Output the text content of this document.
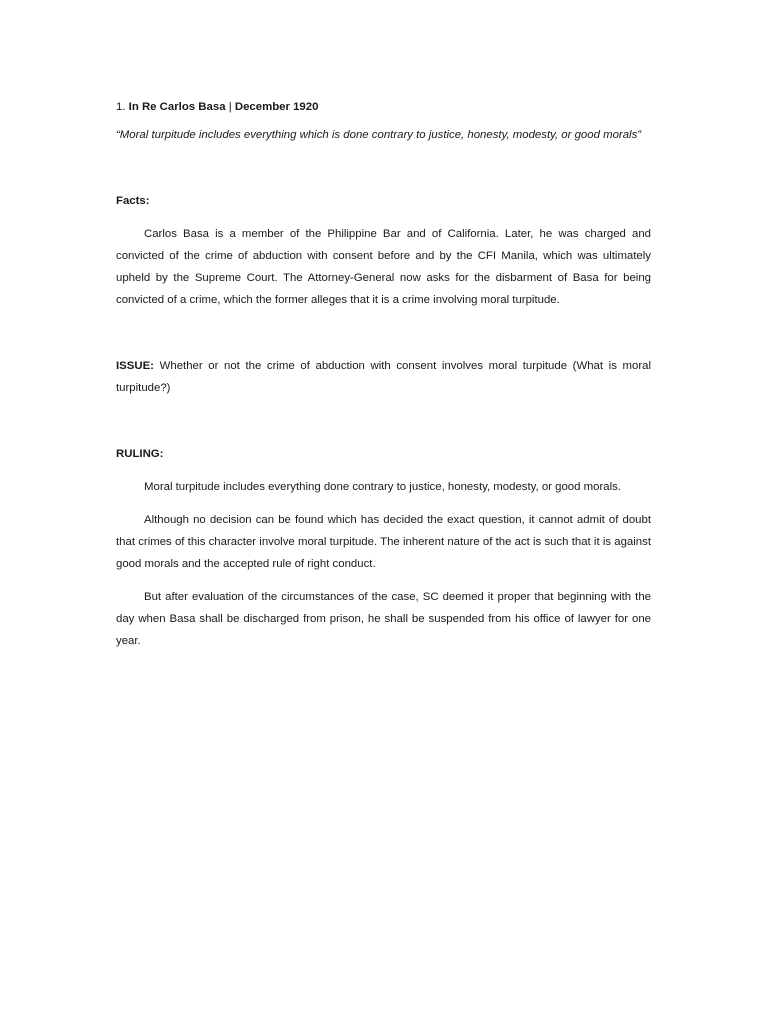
1. In Re Carlos Basa | December 1920

“Moral turpitude includes everything which is done contrary to justice, honesty, modesty, or good morals”

Facts:

Carlos Basa is a member of the Philippine Bar and of California. Later, he was charged and convicted of the crime of abduction with consent before and by the CFI Manila, which was ultimately upheld by the Supreme Court. The Attorney-General now asks for the disbarment of Basa for being convicted of a crime, which the former alleges that it is a crime involving moral turpitude.

ISSUE: Whether or not the crime of abduction with consent involves moral turpitude (What is moral turpitude?)

RULING:

Moral turpitude includes everything done contrary to justice, honesty, modesty, or good morals.

Although no decision can be found which has decided the exact question, it cannot admit of doubt that crimes of this character involve moral turpitude. The inherent nature of the act is such that it is against good morals and the accepted rule of right conduct.

But after evaluation of the circumstances of the case, SC deemed it proper that beginning with the day when Basa shall be discharged from prison, he shall be suspended from his office of lawyer for one year.
